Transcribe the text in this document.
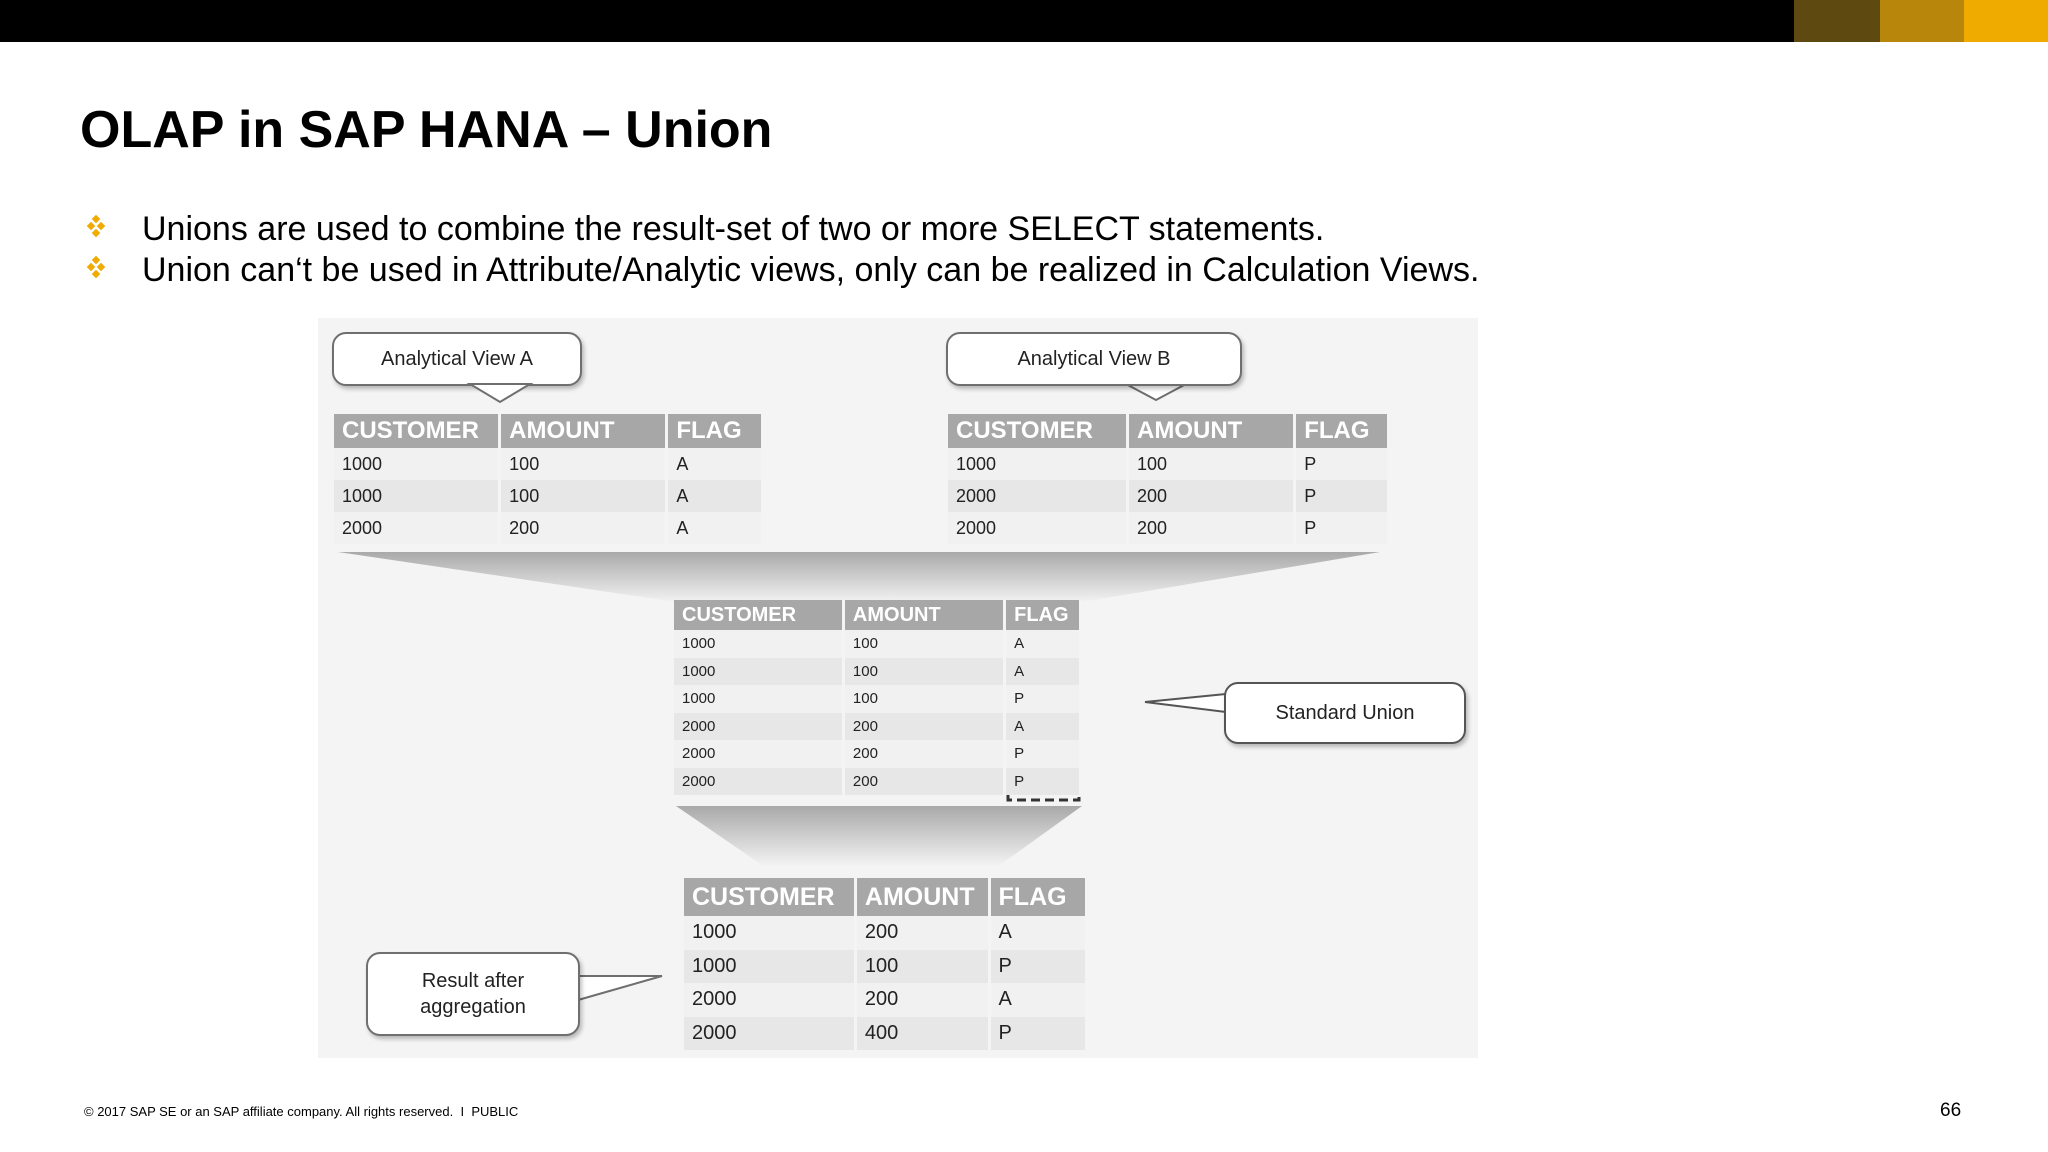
OLAP in SAP HANA – Union
Unions are used to combine the result-set of two or more SELECT statements.
Union can‘t be used in Attribute/Analytic views, only can be realized in Calculation Views.
Analytical View A	Analytical View B
Standard Union
Result after
aggregation
CUSTOMER	AMOUNT	FLAG
1000	100	A
1000	100	A
2000	200	A
CUSTOMER	AMOUNT	FLAG
1000	100	P
2000	200	P
2000	200	P
CUSTOMER	AMOUNT	FLAG
1000	100	A
1000	100	A
1000	100	P
2000	200	A
2000	200	P
2000	200	P
CUSTOMER	AMOUNT	FLAG
1000	200	A
1000	100	P
2000	200	A
2000	400	P
© 2017 SAP SE or an SAP affiliate company. All rights reserved. I PUBLIC	66
